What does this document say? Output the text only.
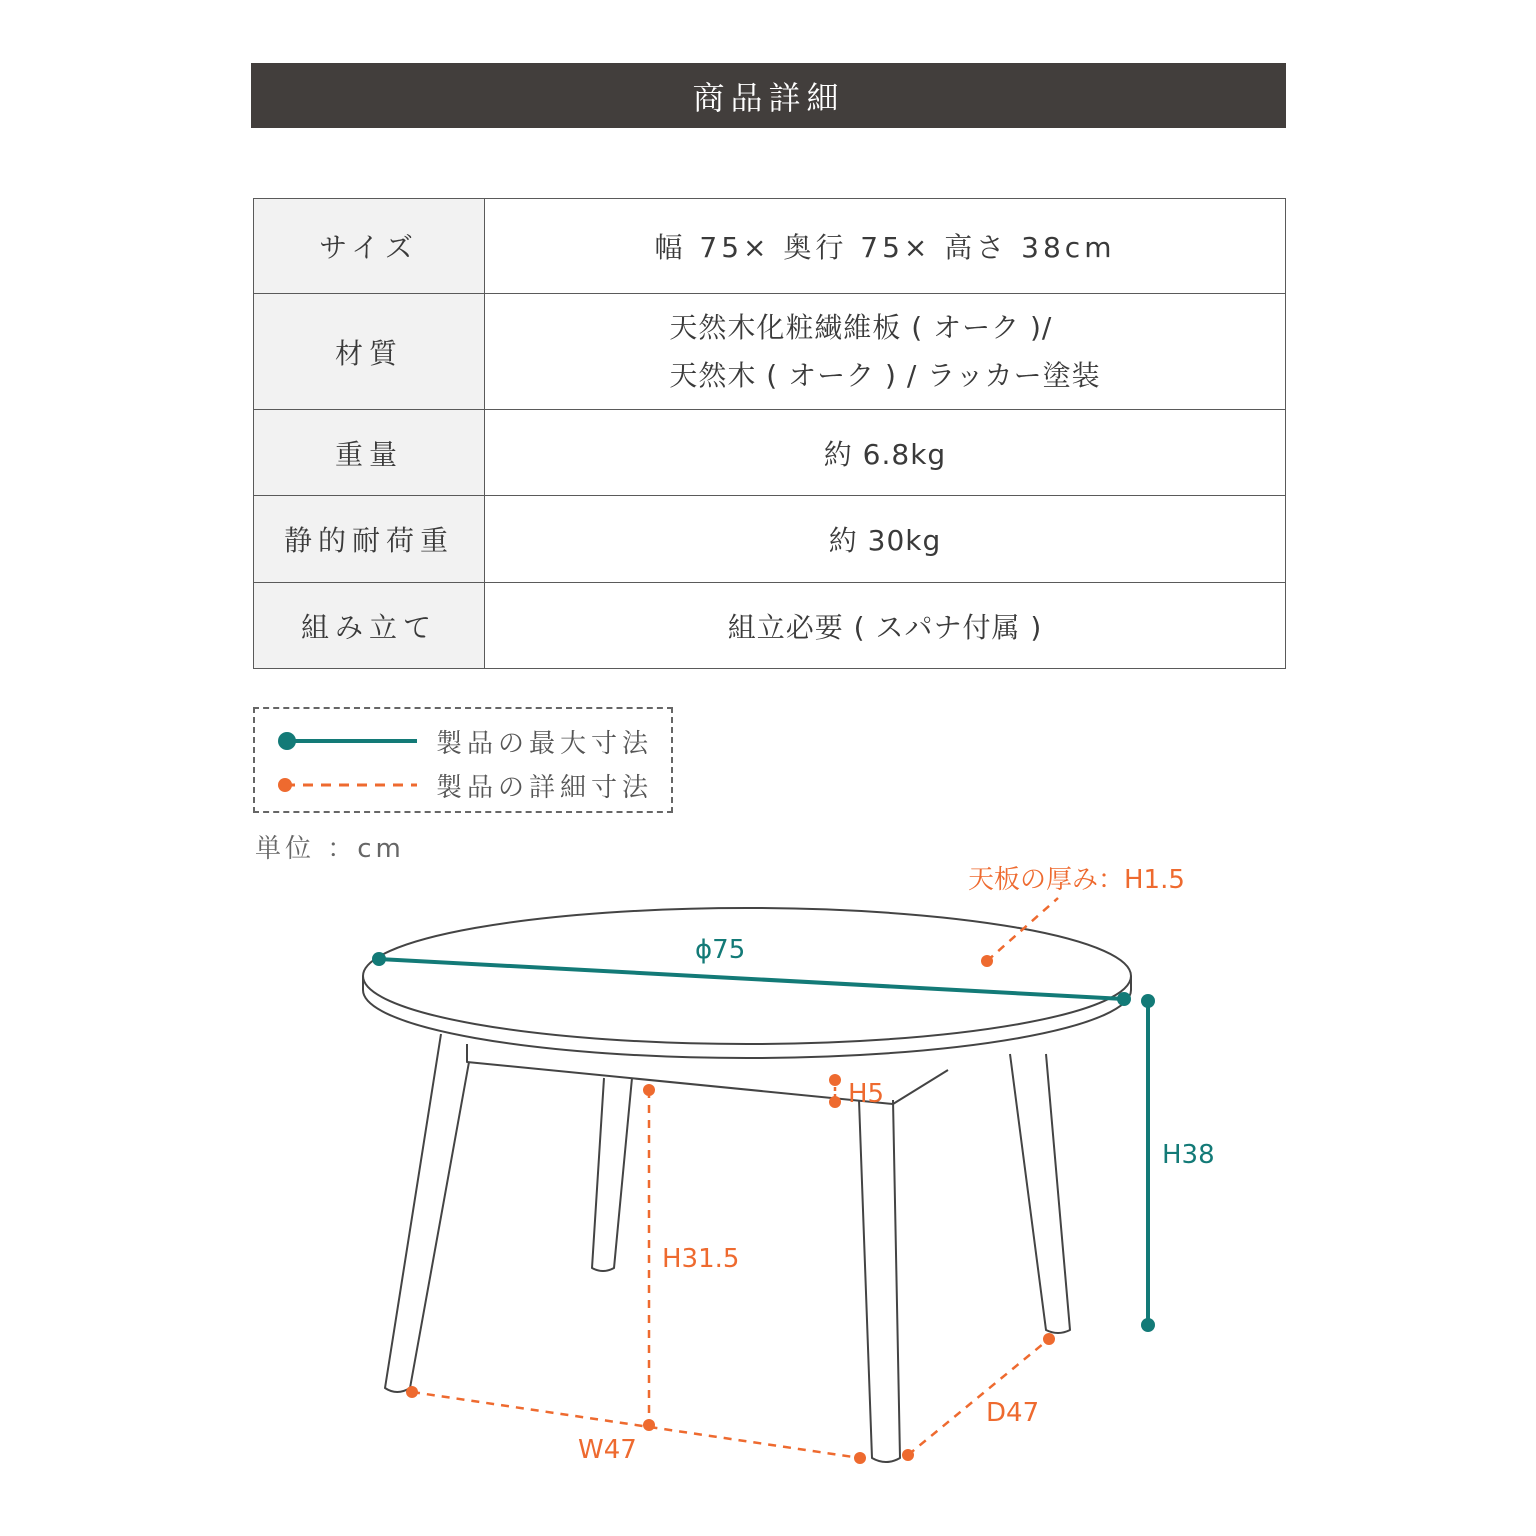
商品詳細
サイズ	幅 75× 奥行 75× 高さ 38cm
材質	天然木化粧繊維板 ( オーク )/
天然木 ( オーク ) / ラッカー塗装

重量	約 6.8kg
静的耐荷重	約 30kg
組み立て	組立必要 ( スパナ付属 )
製品の最大寸法
製品の詳細寸法
単位 ：cm
ϕ75
天板の厚み：H1.5
H38
H5
H31.5
W47
D47
